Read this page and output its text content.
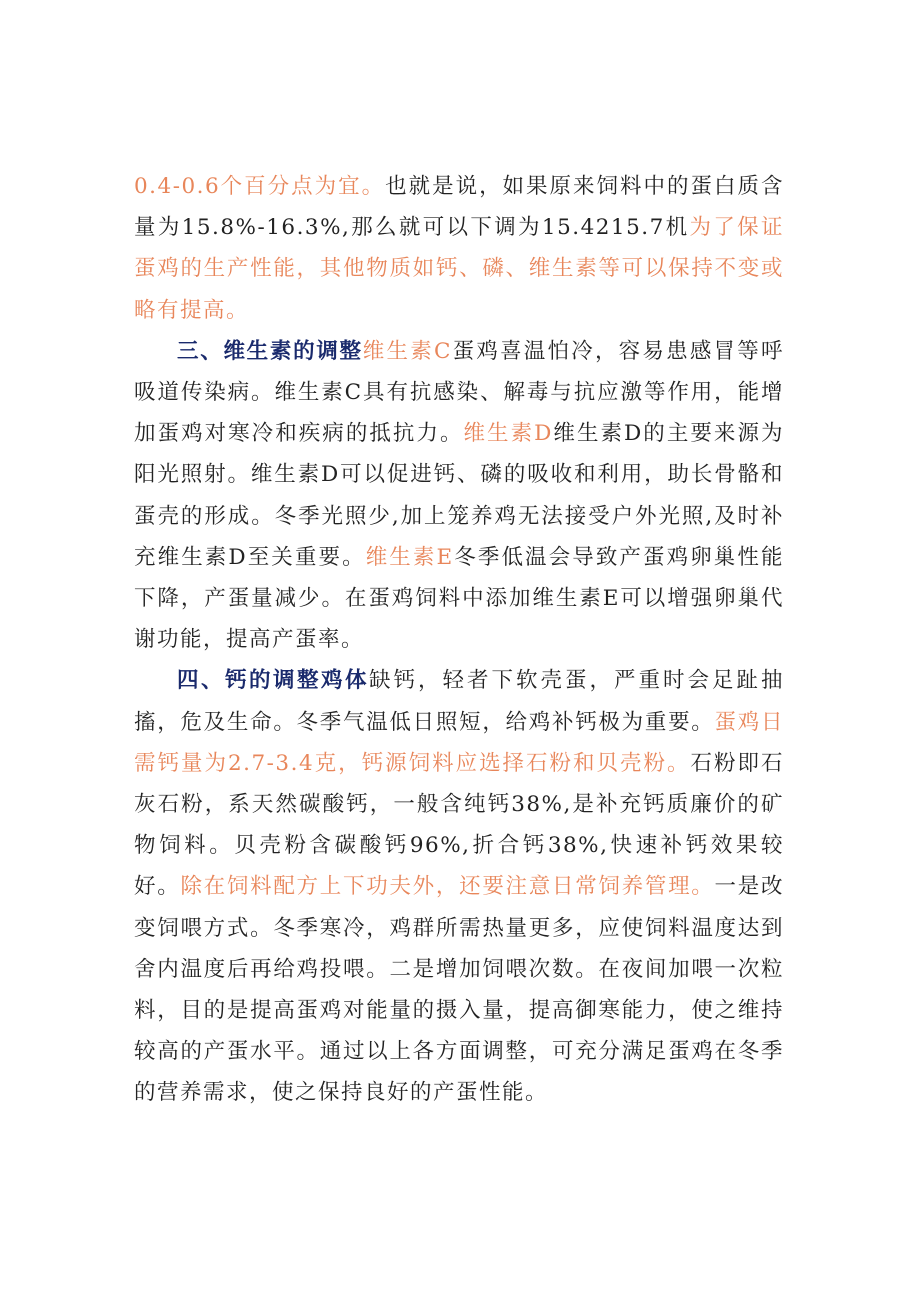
0.4-0.6个百分点为宜。也就是说，如果原来饲料中的蛋白质含量为15.8%-16.3%,那么就可以下调为15.4215.7机为了保证蛋鸡的生产性能，其他物质如钙、磷、维生素等可以保持不变或略有提高。

三、维生素的调整维生素C蛋鸡喜温怕冷，容易患感冒等呼吸道传染病。维生素C具有抗感染、解毒与抗应激等作用，能增加蛋鸡对寒冷和疾病的抵抗力。维生素D维生素D的主要来源为阳光照射。维生素D可以促进钙、磷的吸收和利用，助长骨骼和蛋壳的形成。冬季光照少,加上笼养鸡无法接受户外光照,及时补充维生素D至关重要。维生素E冬季低温会导致产蛋鸡卵巢性能下降，产蛋量减少。在蛋鸡饲料中添加维生素E可以增强卵巢代谢功能，提高产蛋率。

四、钙的调整鸡体缺钙，轻者下软壳蛋，严重时会足趾抽搐，危及生命。冬季气温低日照短，给鸡补钙极为重要。蛋鸡日需钙量为2.7-3.4克，钙源饲料应选择石粉和贝壳粉。石粉即石灰石粉，系天然碳酸钙，一般含纯钙38%,是补充钙质廉价的矿物饲料。贝壳粉含碳酸钙96%,折合钙38%,快速补钙效果较好。除在饲料配方上下功夫外，还要注意日常饲养管理。一是改变饲喂方式。冬季寒冷，鸡群所需热量更多，应使饲料温度达到舍内温度后再给鸡投喂。二是增加饲喂次数。在夜间加喂一次粒料，目的是提高蛋鸡对能量的摄入量，提高御寒能力，使之维持较高的产蛋水平。通过以上各方面调整，可充分满足蛋鸡在冬季的营养需求，使之保持良好的产蛋性能。
